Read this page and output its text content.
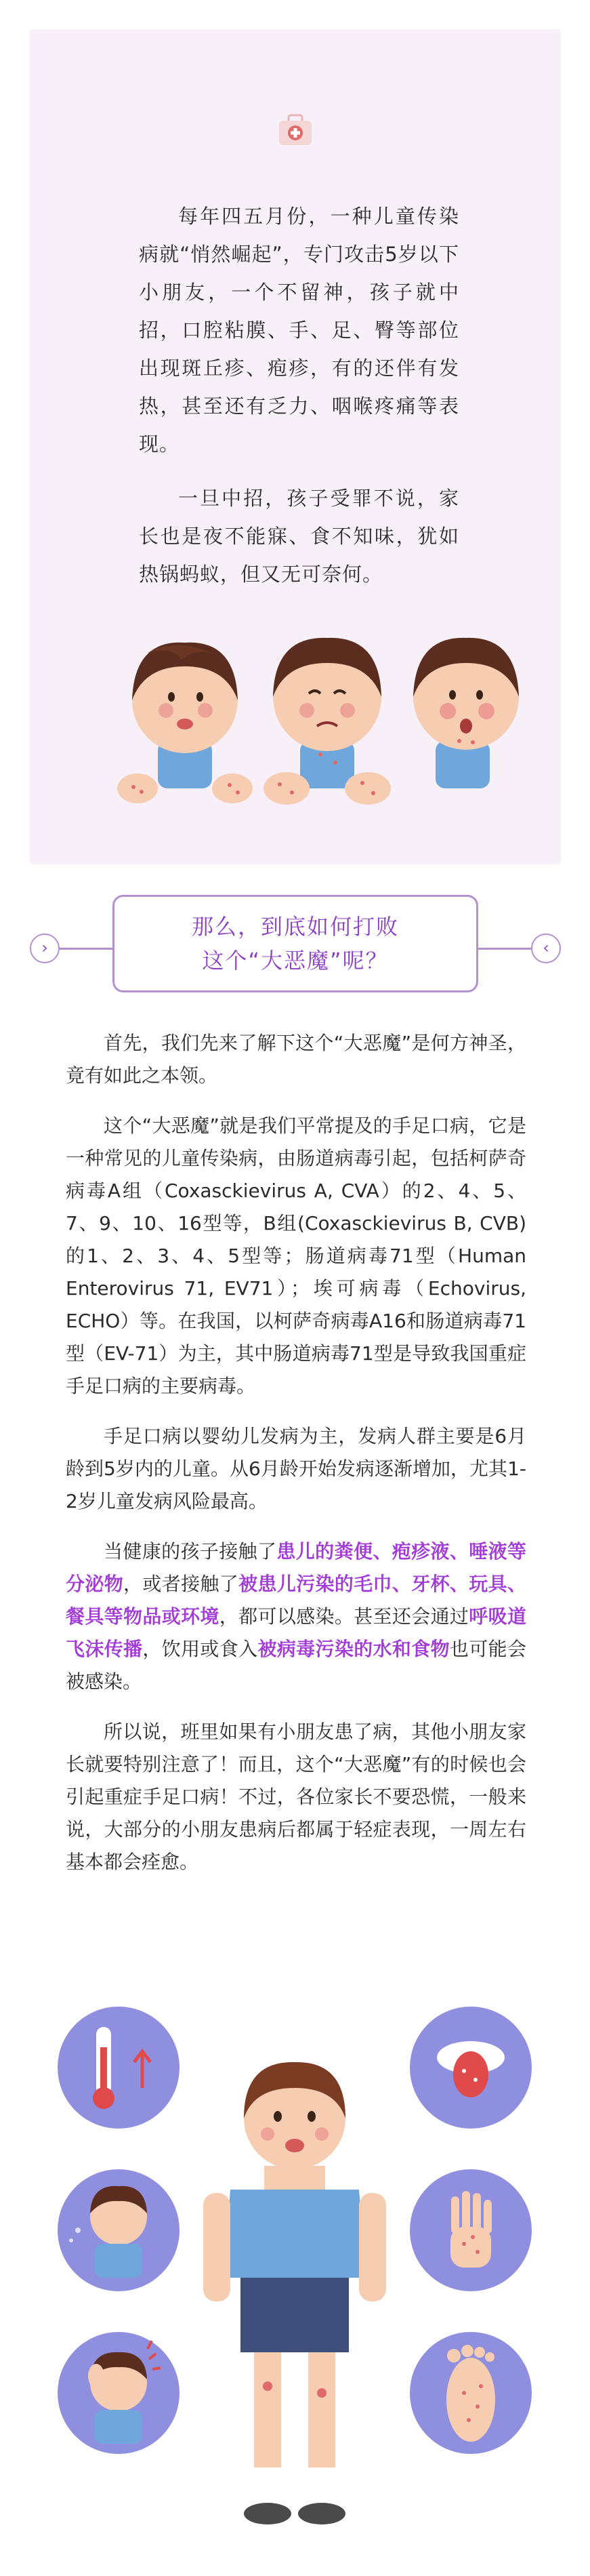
每年四五月份，一种儿童传染病就“悄然崛起”，专门攻击5岁以下小朋友，一个不留神，孩子就中招，口腔粘膜、手、足、臀等部位出现斑丘疹、疱疹，有的还伴有发热，甚至还有乏力、咽喉疼痛等表现。

一旦中招，孩子受罪不说，家长也是夜不能寐、食不知味，犹如热锅蚂蚁，但又无可奈何。

›	‹
那么，到底如何打败
这个“大恶魔”呢？

首先，我们先来了解下这个“大恶魔”是何方神圣，竟有如此之本领。

这个“大恶魔”就是我们平常提及的手足口病，它是一种常见的儿童传染病，由肠道病毒引起，包括柯萨奇病毒A组（Coxasckievirus A, CVA）的2、4、5、7、9、10、16型等，B组(Coxasckievirus B, CVB)的1、2、3、4、5型等；肠道病毒71型（Human Enterovirus 71, EV71）；埃可病毒（Echovirus, ECHO）等。在我国，以柯萨奇病毒A16和肠道病毒71型（EV-71）为主，其中肠道病毒71型是导致我国重症手足口病的主要病毒。

手足口病以婴幼儿发病为主，发病人群主要是6月龄到5岁内的儿童。从6月龄开始发病逐渐增加，尤其1-2岁儿童发病风险最高。

当健康的孩子接触了患儿的粪便、疱疹液、唾液等分泌物，或者接触了被患儿污染的毛巾、牙杯、玩具、餐具等物品或环境，都可以感染。甚至还会通过呼吸道飞沫传播，饮用或食入被病毒污染的水和食物也可能会被感染。

所以说，班里如果有小朋友患了病，其他小朋友家长就要特别注意了！而且，这个“大恶魔”有的时候也会引起重症手足口病！不过，各位家长不要恐慌，一般来说，大部分的小朋友患病后都属于轻症表现，一周左右基本都会痊愈。
